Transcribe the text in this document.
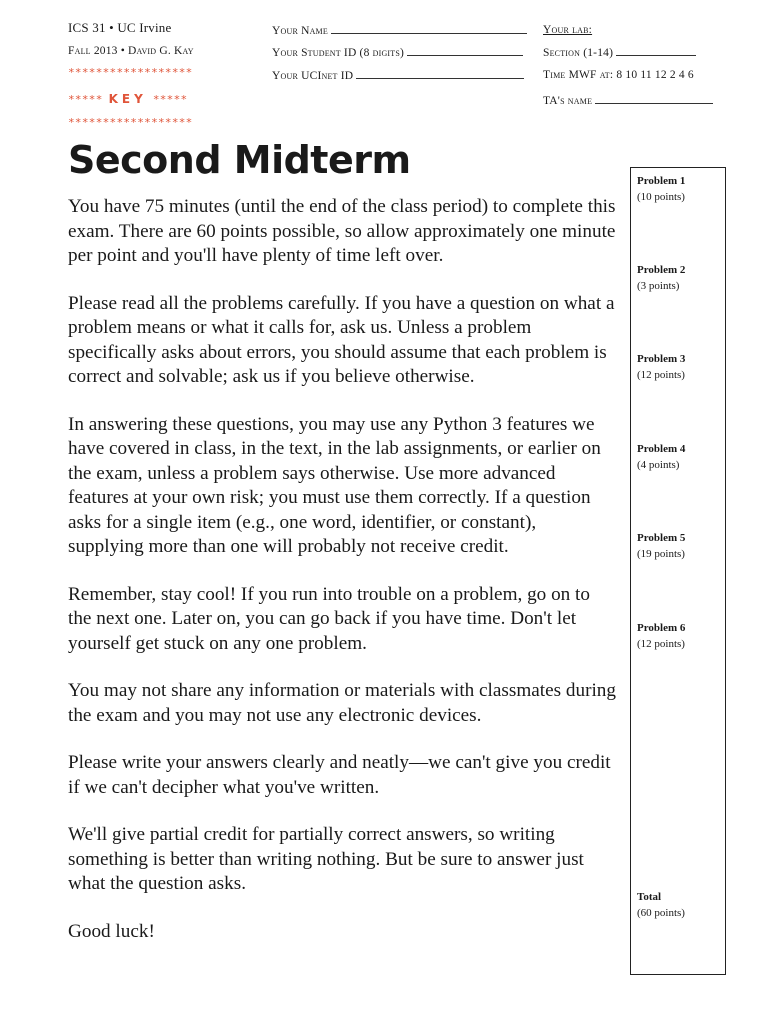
ICS 31 • UC Irvine
Fall 2013 • David G. Kay
******************
***** KEY *****
******************
Your Name
Your Student ID (8 digits)
Your UCInet ID
Your lab:
Section (1-14)
Time MWF at: 8 10 11 12 2 4 6
TA's name
Second Midterm

You have 75 minutes (until the end of the class period) to complete this exam. There are 60 points possible, so allow approximately one minute per point and you'll have plenty of time left over.

Please read all the problems carefully. If you have a question on what a problem means or what it calls for, ask us. Unless a problem specifically asks about errors, you should assume that each problem is correct and solvable; ask us if you believe otherwise.

In answering these questions, you may use any Python 3 features we have covered in class, in the text, in the lab assignments, or earlier on the exam, unless a problem says otherwise. Use more advanced features at your own risk; you must use them correctly. If a question asks for a single item (e.g., one word, identifier, or constant), supplying more than one will probably not receive credit.

Remember, stay cool! If you run into trouble on a problem, go on to the next one. Later on, you can go back if you have time. Don't let yourself get stuck on any one problem.

You may not share any information or materials with classmates during the exam and you may not use any electronic devices.

Please write your answers clearly and neatly—we can't give you credit if we can't decipher what you've written.

We'll give partial credit for partially correct answers, so writing something is better than writing nothing. But be sure to answer just what the question asks.

Good luck!

Problem 1
(10 points)
Problem 2
(3 points)
Problem 3
(12 points)
Problem 4
(4 points)
Problem 5
(19 points)
Problem 6
(12 points)
Total
(60 points)
